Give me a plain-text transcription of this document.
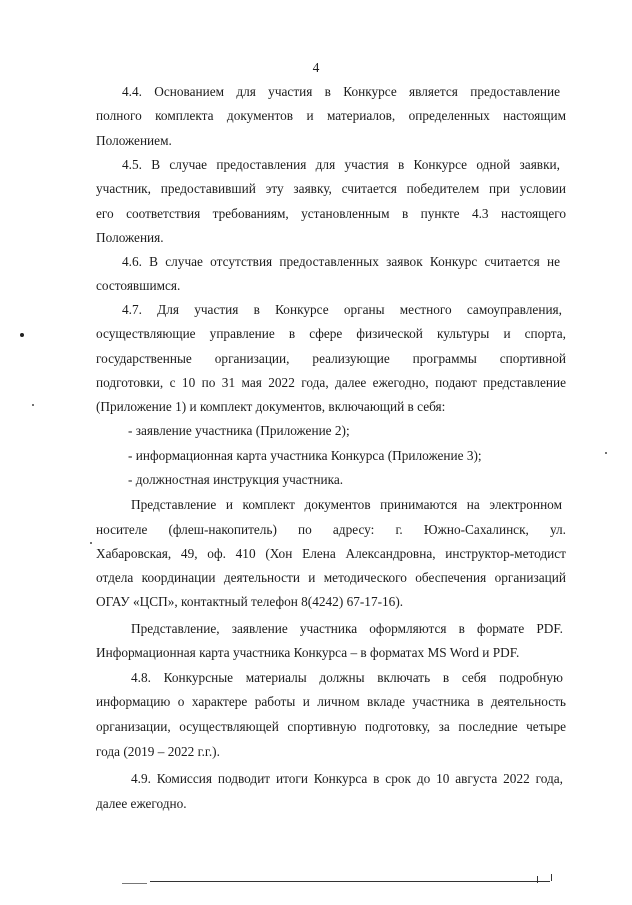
4
4.4. Основанием для участия в Конкурсе является предоставление
полного комплекта документов и материалов, определенных настоящим
Положением.
4.5. В случае предоставления для участия в Конкурсе одной заявки,
участник, предоставивший эту заявку, считается победителем при условии
его соответствия требованиям, установленным в пункте 4.3 настоящего
Положения.
4.6. В случае отсутствия предоставленных заявок Конкурс считается не
состоявшимся.
4.7. Для участия в Конкурсе органы местного самоуправления,
осуществляющие управление в сфере физической культуры и спорта,
государственные организации, реализующие программы спортивной
подготовки, с 10 по 31 мая 2022 года, далее ежегодно, подают представление
(Приложение 1) и комплект документов, включающий в себя:
- заявление участника (Приложение 2);
- информационная карта участника Конкурса (Приложение 3);
- должностная инструкция участника.
Представление и комплект документов принимаются на электронном
носителе (флеш-накопитель) по адресу: г. Южно-Сахалинск, ул.
Хабаровская, 49, оф. 410 (Хон Елена Александровна, инструктор-методист
отдела координации деятельности и методического обеспечения организаций
ОГАУ «ЦСП», контактный телефон 8(4242) 67-17-16).
Представление, заявление участника оформляются в формате PDF.
Информационная карта участника Конкурса – в форматах MS Word и PDF.
4.8. Конкурсные материалы должны включать в себя подробную
информацию о характере работы и личном вкладе участника в деятельность
организации, осуществляющей спортивную подготовку, за последние четыре
года (2019 – 2022 г.г.).
4.9. Комиссия подводит итоги Конкурса в срок до 10 августа 2022 года,
далее ежегодно.
